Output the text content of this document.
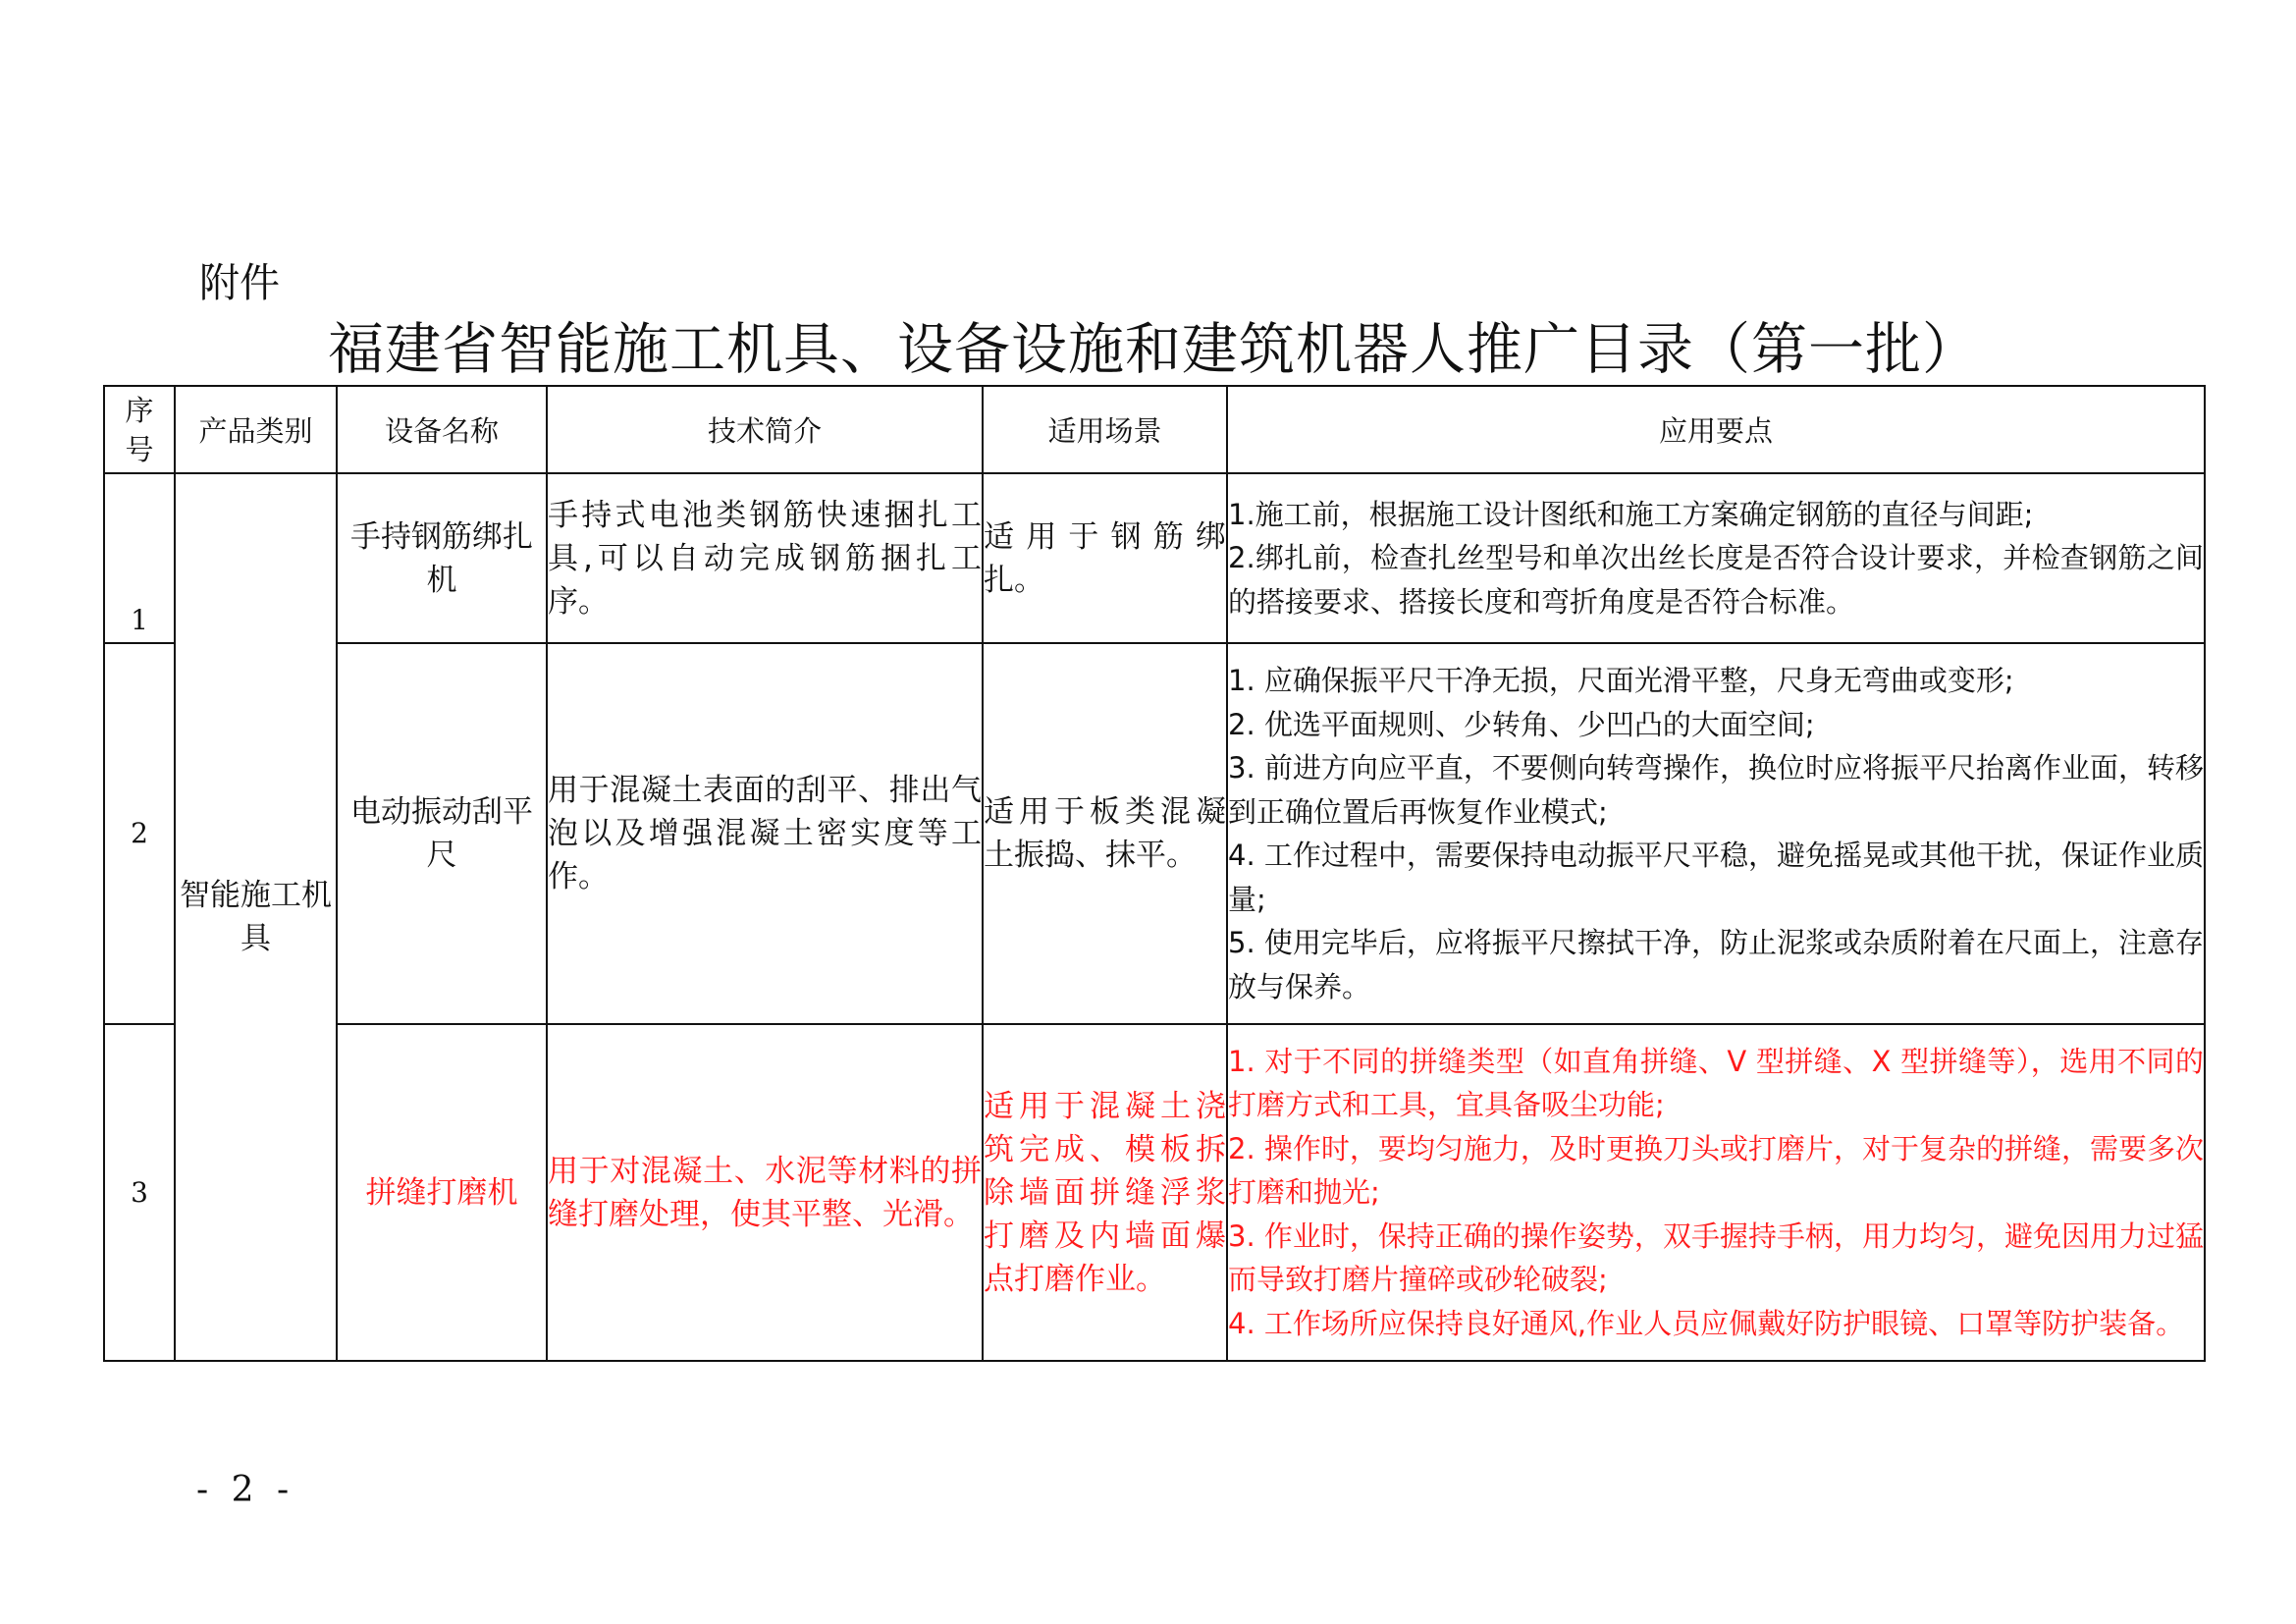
附件
福建省智能施工机具、设备设施和建筑机器人推广目录（第一批）
序
号	产品类别	设备名称	技术简介	适用场景	应用要点
1	智能施工机具	手持钢筋绑扎机	手持式电池类钢筋快速捆扎工具,可以自动完成钢筋捆扎工序。	适用于钢筋绑扎。	1.施工前，根据施工设计图纸和施工方案确定钢筋的直径与间距;
2.绑扎前，检查扎丝型号和单次出丝长度是否符合设计要求，并检查钢筋之间的搭接要求、搭接长度和弯折角度是否符合标准。

2		电动振动刮平尺	用于混凝土表面的刮平、排出气泡以及增强混凝土密实度等工作。	适用于板类混凝土振捣、抹平。	1. 应确保振平尺干净无损，尺面光滑平整，尺身无弯曲或变形;
2. 优选平面规则、少转角、少凹凸的大面空间;
3. 前进方向应平直，不要侧向转弯操作，换位时应将振平尺抬离作业面，转移到正确位置后再恢复作业模式;
4. 工作过程中，需要保持电动振平尺平稳，避免摇晃或其他干扰，保证作业质量;
5. 使用完毕后，应将振平尺擦拭干净，防止泥浆或杂质附着在尺面上，注意存放与保养。

3		拼缝打磨机	用于对混凝土、水泥等材料的拼缝打磨处理，使其平整、光滑。	适用于混凝土浇筑完成、模板拆除墙面拼缝浮浆打磨及内墙面爆点打磨作业。	1. 对于不同的拼缝类型（如直角拼缝、V 型拼缝、X 型拼缝等），选用不同的打磨方式和工具，宜具备吸尘功能;
2. 操作时，要均匀施力，及时更换刀头或打磨片，对于复杂的拼缝，需要多次打磨和抛光;
3. 作业时，保持正确的操作姿势，双手握持手柄，用力均匀，避免因用力过猛而导致打磨片撞碎或砂轮破裂;
4. 工作场所应保持良好通风,作业人员应佩戴好防护眼镜、口罩等防护装备。
- 2 -
